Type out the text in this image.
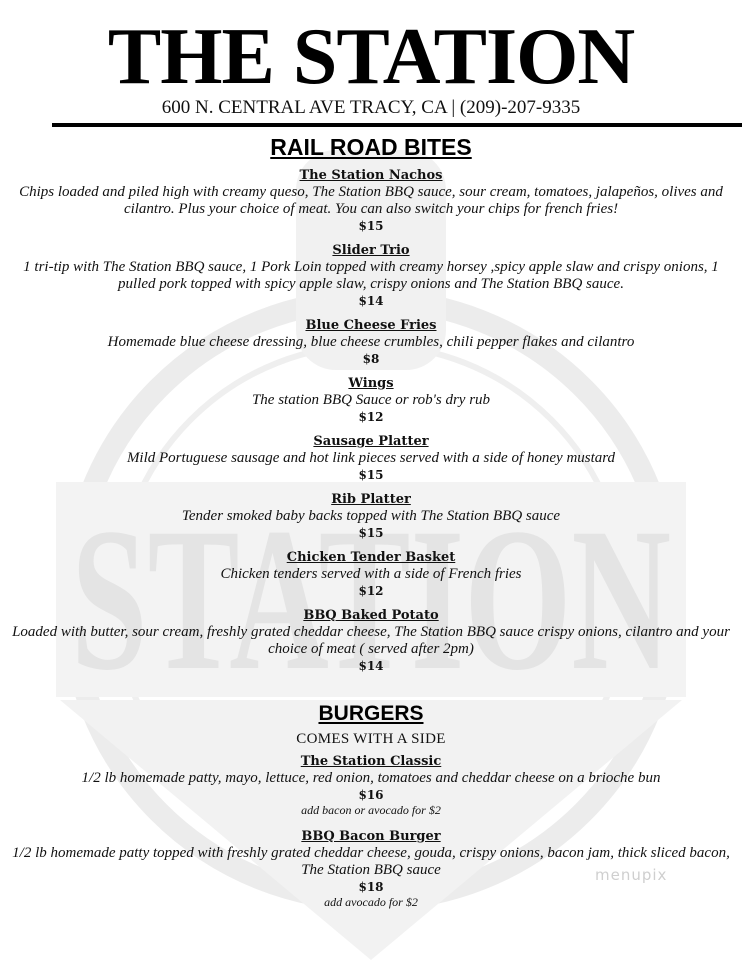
STATION
THE STATION
600 N. CENTRAL AVE TRACY, CA | (209)-207-9335
RAIL ROAD BITES
The Station Nachos
Chips loaded and piled high with creamy queso, The Station BBQ sauce, sour cream, tomatoes, jalapeños, olives and cilantro. Plus your choice of meat. You can also switch your chips for french fries!
$15
Slider Trio
1 tri-tip with The Station BBQ sauce, 1 Pork Loin topped with creamy horsey ,spicy apple slaw and crispy onions, 1 pulled pork topped with spicy apple slaw, crispy onions and The Station BBQ sauce.
$14
Blue Cheese Fries
Homemade blue cheese dressing, blue cheese crumbles, chili pepper flakes and cilantro
$8
Wings
The station BBQ Sauce or rob's dry rub
$12
Sausage Platter
Mild Portuguese sausage and hot link pieces served with a side of honey mustard
$15
Rib Platter
Tender smoked baby backs topped with The Station BBQ sauce
$15
Chicken Tender Basket
Chicken tenders served with a side of French fries
$12
BBQ Baked Potato
Loaded with butter, sour cream, freshly grated cheddar cheese, The Station BBQ sauce crispy onions, cilantro and your choice of meat ( served after 2pm)
$14
BURGERS
COMES WITH A SIDE
The Station Classic
1/2 lb homemade patty, mayo, lettuce, red onion, tomatoes and cheddar cheese on a brioche bun
$16
add bacon or avocado for $2
BBQ Bacon Burger
1/2 lb homemade patty topped with freshly grated cheddar cheese, gouda, crispy onions, bacon jam, thick sliced bacon, The Station BBQ sauce
$18
add avocado for $2
menupix
